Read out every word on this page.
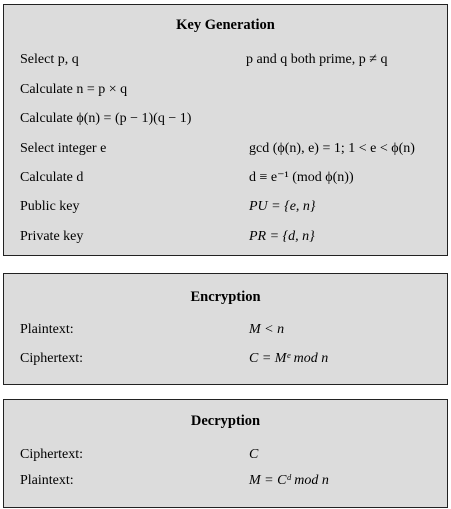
Key Generation
Select p, q	p and q both prime, p ≠ q
Calculate n = p × q
Calculate ϕ(n) = (p − 1)(q − 1)
Select integer e	gcd (ϕ(n), e) = 1; 1 < e < ϕ(n)
Calculate d	d ≡ e⁻¹ (mod ϕ(n))
Public key	PU = {e, n}
Private key	PR = {d, n}
Encryption
Plaintext:	M < n
Ciphertext:	C = Mᵉ mod n
Decryption
Ciphertext:	C
Plaintext:	M = Cᵈ mod n
